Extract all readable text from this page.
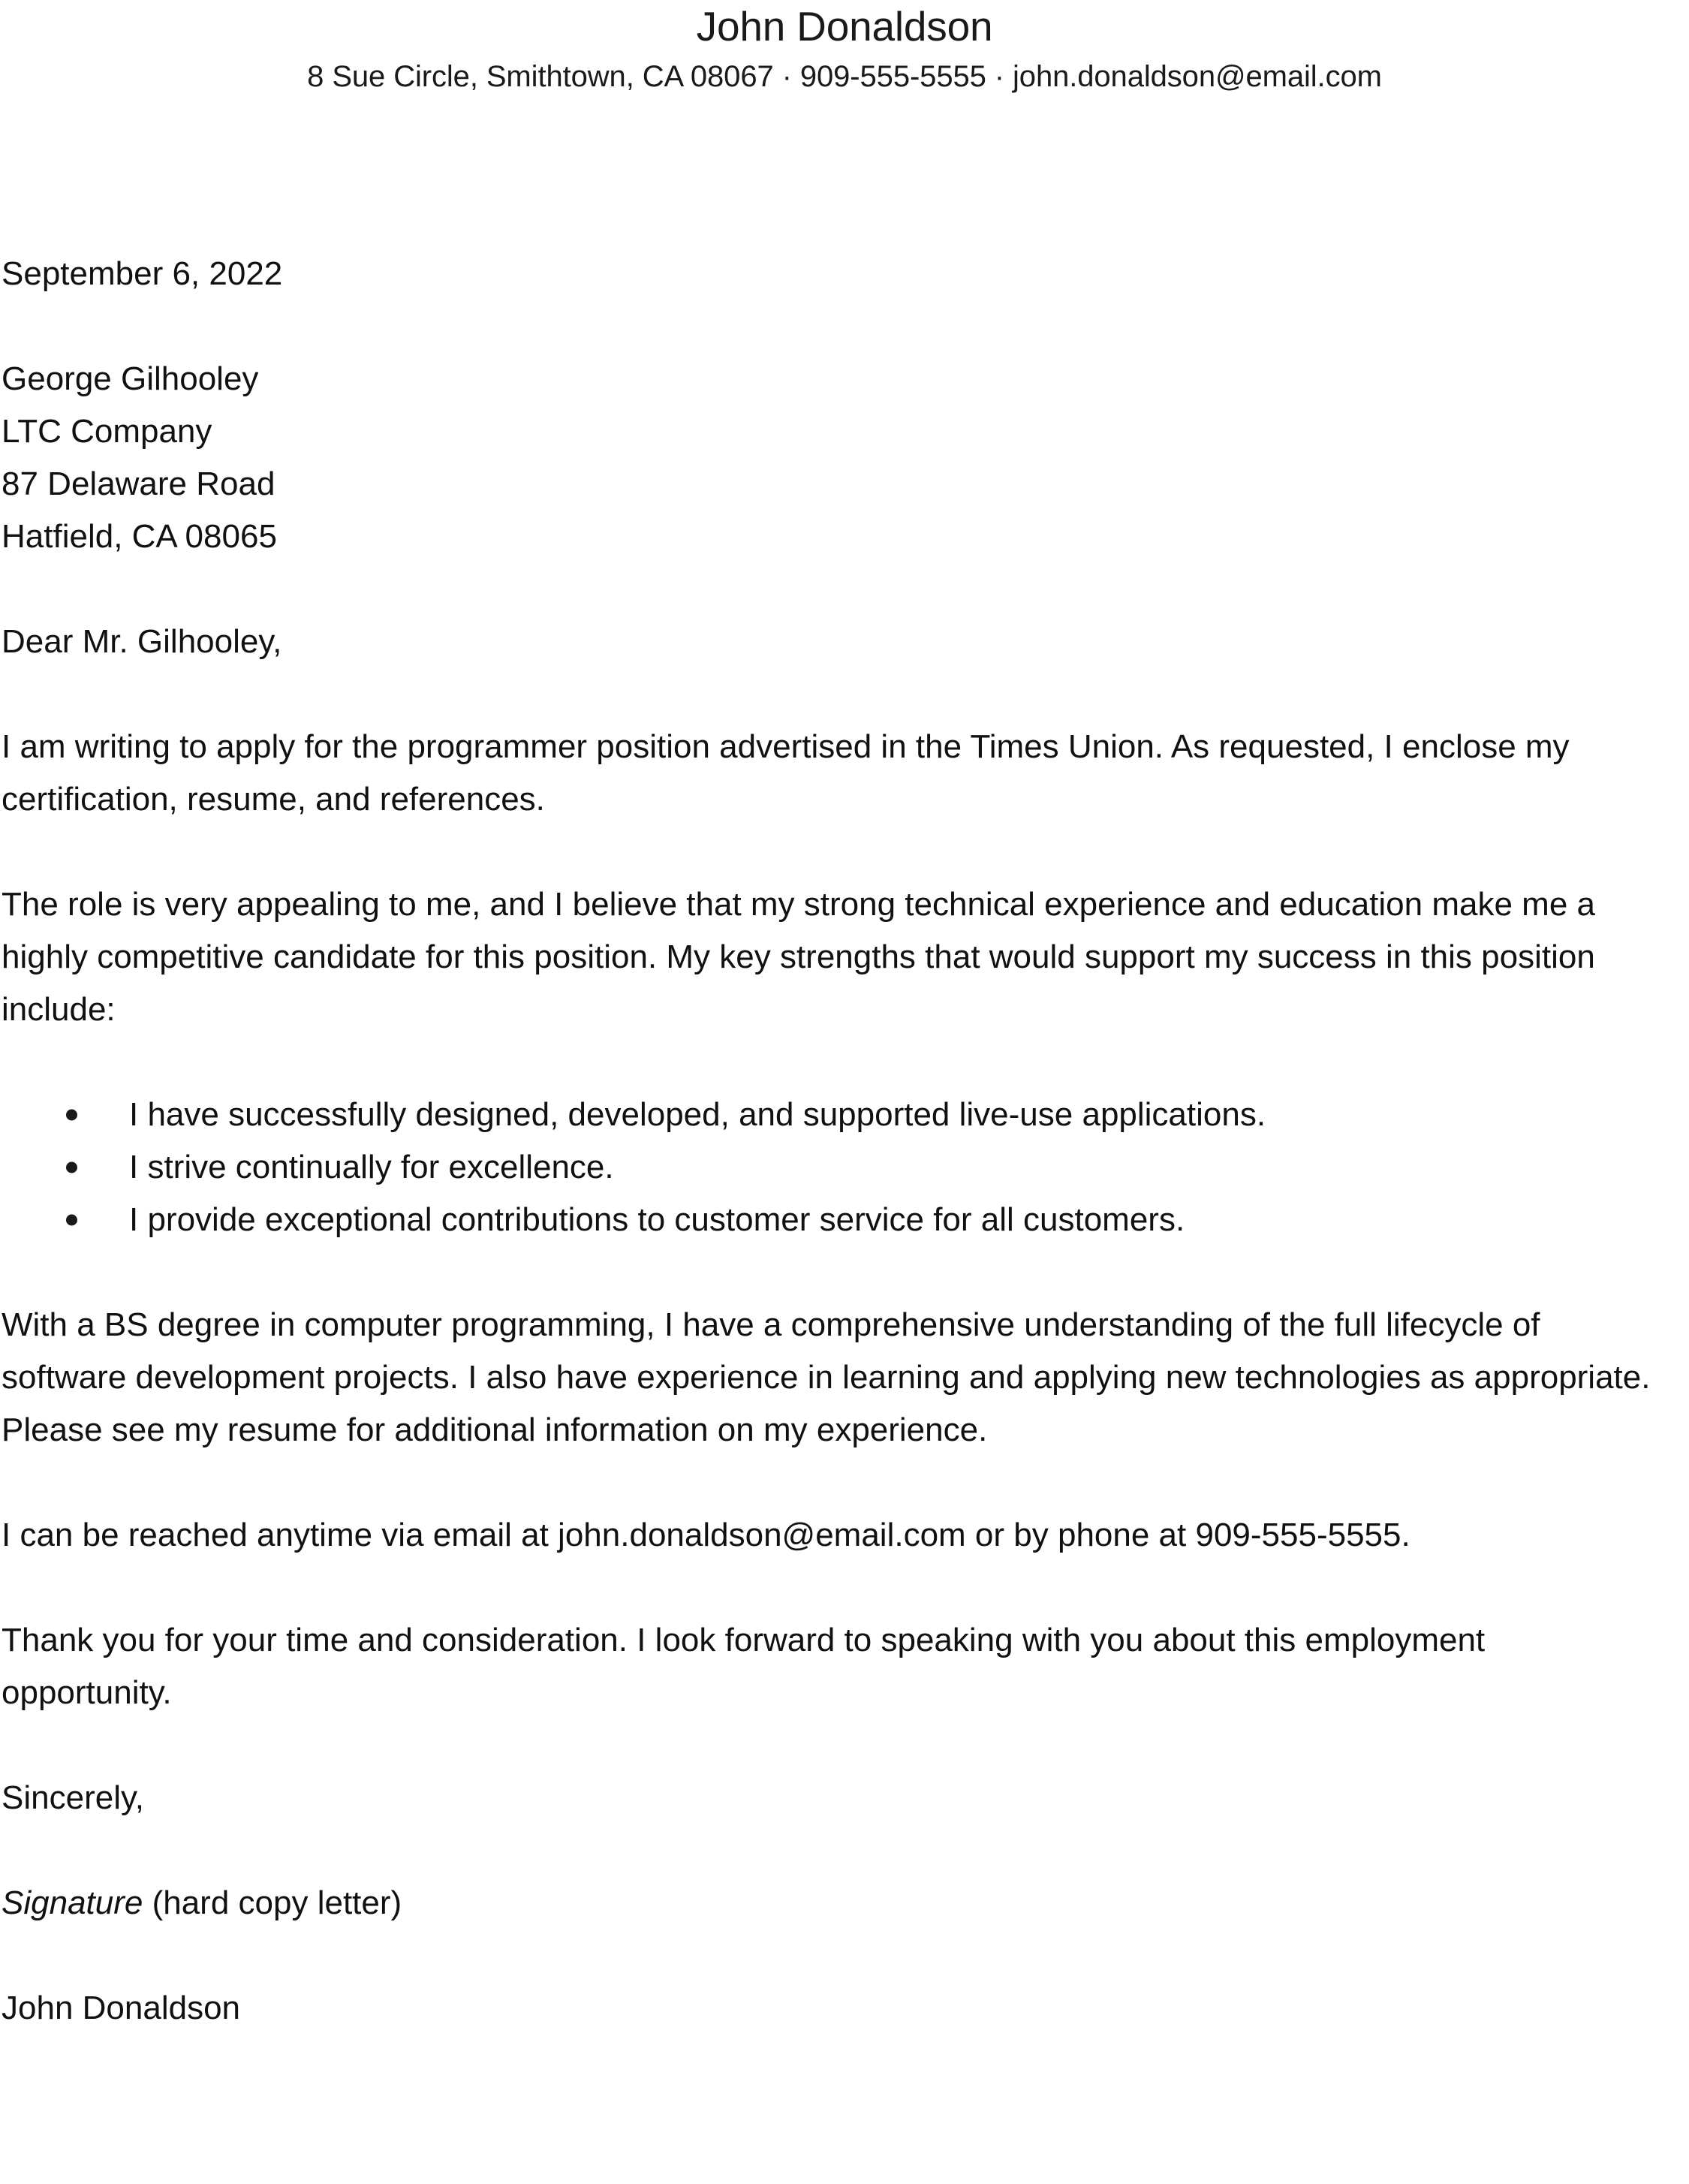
John Donaldson
8 Sue Circle, Smithtown, CA 08067 · 909-555-5555 · john.donaldson@email.com
September 6, 2022
George Gilhooley
LTC Company
87 Delaware Road
Hatfield, CA 08065
Dear Mr. Gilhooley,

I am writing to apply for the programmer position advertised in the Times Union. As requested, I enclose my certification, resume, and references.

The role is very appealing to me, and I believe that my strong technical experience and education make me a highly competitive candidate for this position. My key strengths that would support my success in this position include:

I have successfully designed, developed, and supported live-use applications.
I strive continually for excellence.
I provide exceptional contributions to customer service for all customers.

With a BS degree in computer programming, I have a comprehensive understanding of the full lifecycle of software development projects. I also have experience in learning and applying new technologies as appropriate. Please see my resume for additional information on my experience.

I can be reached anytime via email at john.donaldson@email.com or by phone at 909-555-5555.

Thank you for your time and consideration. I look forward to speaking with you about this employment opportunity.

Sincerely,
Signature (hard copy letter)
John Donaldson
